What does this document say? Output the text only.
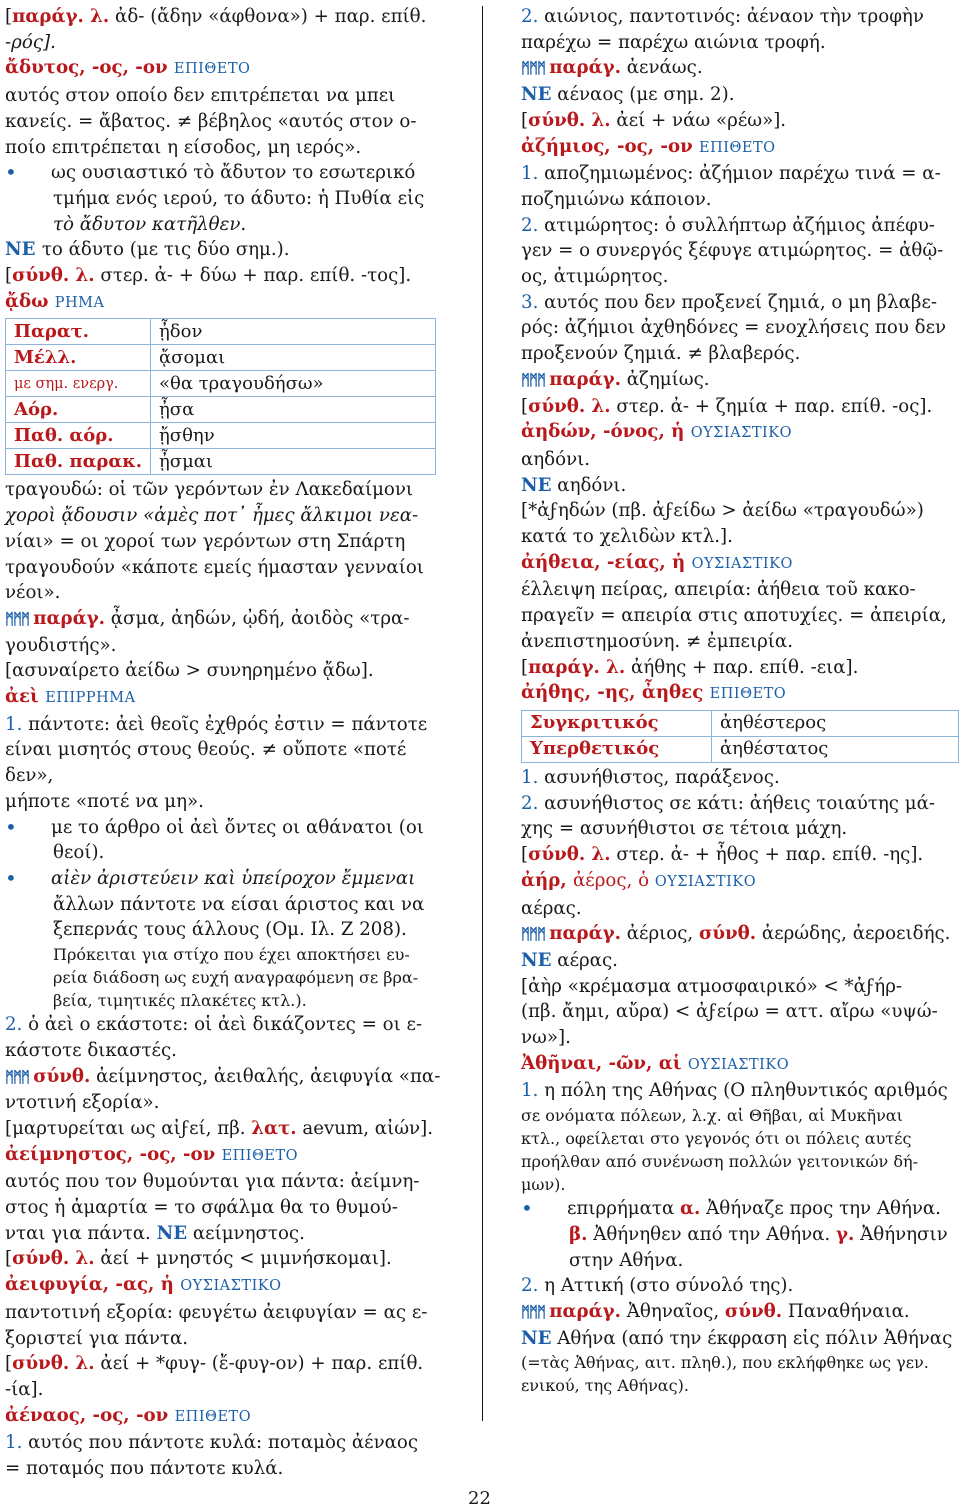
[παράγ. λ. ἀδ- (ἄδην «άφθονα») + παρ. επίθ.
-ρός].
ἄδυτος, -ος, -ον ΕΠΙΘΕΤΟ
αυτός στον οποίο δεν επιτρέπεται να μπει
κανείς. = ἄβατος. ≠ βέβηλος «αυτός στον ο-
ποίο επιτρέπεται η είσοδος, μη ιερός».
• ως ουσιαστικό τὸ ἄδυτον το εσωτερικό
τμήμα ενός ιερού, το άδυτο: ἡ Πυθία εἰς
τὸ ἄδυτον κατῆλθεν.
ΝΕ το άδυτο (με τις δύο σημ.).
[σύνθ. λ. στερ. ἀ- + δύω + παρ. επίθ. -τος].
ᾄδω ΡΗΜΑ
Παρατ.	ᾖδον
Μέλλ.	ᾄσομαι
με σημ. ενεργ.	«θα τραγουδήσω»
Αόρ.	ᾖσα
Παθ. αόρ.	ᾔσθην
Παθ. παρακ.	ᾖσμαι
τραγουδώ: οἱ τῶν γερόντων ἐν Λακεδαίμονι
χοροὶ ᾄδουσιν «ἁμὲς ποτ᾽ ἦμες ἄλκιμοι νεα-
νίαι» = οι χοροί των γερόντων στη Σπάρτη
τραγουδούν «κάποτε εμείς ήμασταν γενναίοι
νέοι».
ᛗᛗᛗ παράγ. ᾆσμα, ἀηδών, ᾠδή, ἀοιδὸς «τρα-
γουδιστής».
[ασυναίρετο ἀείδω > συνηρημένο ᾄδω].
ἀεὶ ΕΠΙΡΡΗΜΑ
1. πάντοτε: ἀεὶ θεοῖς ἐχθρός ἐστιν = πάντοτε
είναι μισητός στους θεούς. ≠ οὔποτε «ποτέ δεν»,
μήποτε «ποτέ να μη».
• με το άρθρο οἱ ἀεὶ ὄντες οι αθάνατοι (οι
θεοί).
• αἰὲν ἀριστεύειν καὶ ὑπείροχον ἔμμεναι
ἄλλων πάντοτε να είσαι άριστος και να
ξεπερνάς τους άλλους (Ομ. Ιλ. Ζ 208).
Πρόκειται για στίχο που έχει αποκτήσει ευ-
ρεία διάδοση ως ευχή αναγραφόμενη σε βρα-
βεία, τιμητικές πλακέτες κτλ.).
2. ὁ ἀεὶ ο εκάστοτε: οἱ ἀεὶ δικάζοντες = οι ε-
κάστοτε δικαστές.
ᛗᛗᛗ σύνθ. ἀείμνηστος, ἀειθαλής, ἀειφυγία «πα-
ντοτινή εξορία».
[μαρτυρείται ως αἰϝεί, πβ. λατ. aevum, αἰών].
ἀείμνηστος, -ος, -ον ΕΠΙΘΕΤΟ
αυτός που τον θυμούνται για πάντα: ἀείμνη-
στος ἡ ἁμαρτία = το σφάλμα θα το θυμού-
νται για πάντα. ΝΕ αείμνηστος.
[σύνθ. λ. ἀεί + μνηστός < μιμνήσκομαι].
ἀειφυγία, -ας, ἡ ΟΥΣΙΑΣΤΙΚΟ
παντοτινή εξορία: φευγέτω ἀειφυγίαν = ας ε-
ξοριστεί για πάντα.
[σύνθ. λ. ἀεί + *φυγ- (ἔ-φυγ-ον) + παρ. επίθ. -ία].
ἀέναος, -ος, -ον ΕΠΙΘΕΤΟ
1. αυτός που πάντοτε κυλά: ποταμὸς ἀέναος
= ποταμός που πάντοτε κυλά.
2. αιώνιος, παντοτινός: ἀέναον τὴν τροφὴν
παρέχω = παρέχω αιώνια τροφή.
ᛗᛗᛗ παράγ. ἀενάως.
ΝΕ αέναος (με σημ. 2).
[σύνθ. λ. ἀεί + νάω «ρέω»].
ἀζήμιος, -ος, -ον ΕΠΙΘΕΤΟ
1. αποζημιωμένος: ἀζήμιον παρέχω τινά = α-
ποζημιώνω κάποιον.
2. ατιμώρητος: ὁ συλλήπτωρ ἀζήμιος ἀπέφυ-
γεν = ο συνεργός ξέφυγε ατιμώρητος. = ἀθῷ-
ος, ἀτιμώρητος.
3. αυτός που δεν προξενεί ζημιά, ο μη βλαβε-
ρός: ἀζήμιοι ἀχθηδόνες = ενοχλήσεις που δεν
προξενούν ζημιά. ≠ βλαβερός.
ᛗᛗᛗ παράγ. ἀζημίως.
[σύνθ. λ. στερ. ἀ- + ζημία + παρ. επίθ. -ος].
ἀηδών, -όνος, ἡ ΟΥΣΙΑΣΤΙΚΟ
αηδόνι.
ΝΕ αηδόνι.
[*ἀϝηδών (πβ. ἀϝείδω > ἀείδω «τραγουδώ»)
κατά το χελιδὼν κτλ.].
ἀήθεια, -είας, ἡ ΟΥΣΙΑΣΤΙΚΟ
έλλειψη πείρας, απειρία: ἀήθεια τοῦ κακο-
πραγεῖν = απειρία στις αποτυχίες. = ἀπειρία,
ἀνεπιστημοσύνη. ≠ ἐμπειρία.
[παράγ. λ. ἀήθης + παρ. επίθ. -εια].
ἀήθης, -ης, ἆηθες ΕΠΙΘΕΤΟ
Συγκριτικός	ἀηθέστερος
Υπερθετικός	ἀηθέστατος
1. ασυνήθιστος, παράξενος.
2. ασυνήθιστος σε κάτι: ἀήθεις τοιαύτης μά-
χης = ασυνήθιστοι σε τέτοια μάχη.
[σύνθ. λ. στερ. ἀ- + ἦθος + παρ. επίθ. -ης].
ἀήρ, ἀέρος, ὁ ΟΥΣΙΑΣΤΙΚΟ
αέρας.
ᛗᛗᛗ παράγ. ἀέριος, σύνθ. ἀερώδης, ἀεροειδής.
ΝΕ αέρας.
[ἀὴρ «κρέμασμα ατμοσφαιρικό» < *ἀϝήρ-
(πβ. ἄημι, αὔρα) < ἀϝείρω = αττ. αἴρω «υψώ-
νω»].
Ἀθῆναι, -ῶν, αἱ ΟΥΣΙΑΣΤΙΚΟ
1. η πόλη της Αθήνας (Ο πληθυντικός αριθμός
σε ονόματα πόλεων, λ.χ. αἱ Θῆβαι, αἱ Μυκῆναι
κτλ., οφείλεται στο γεγονός ότι οι πόλεις αυτές
προήλθαν από συνένωση πολλών γειτονικών δή-
μων).
• επιρρήματα α. Ἀθήναζε προς την Αθήνα.
β. Ἀθήνηθεν από την Αθήνα. γ. Ἀθήνησιν
στην Αθήνα.
2. η Αττική (στο σύνολό της).
ᛗᛗᛗ παράγ. Ἀθηναῖος, σύνθ. Παναθήναια.
ΝΕ Αθήνα (από την έκφραση εἰς πόλιν Ἀθήνας
(=τὰς Ἀθήνας, αιτ. πληθ.), που εκλήφθηκε ως γεν.
ενικού, της Αθήνας).
22
